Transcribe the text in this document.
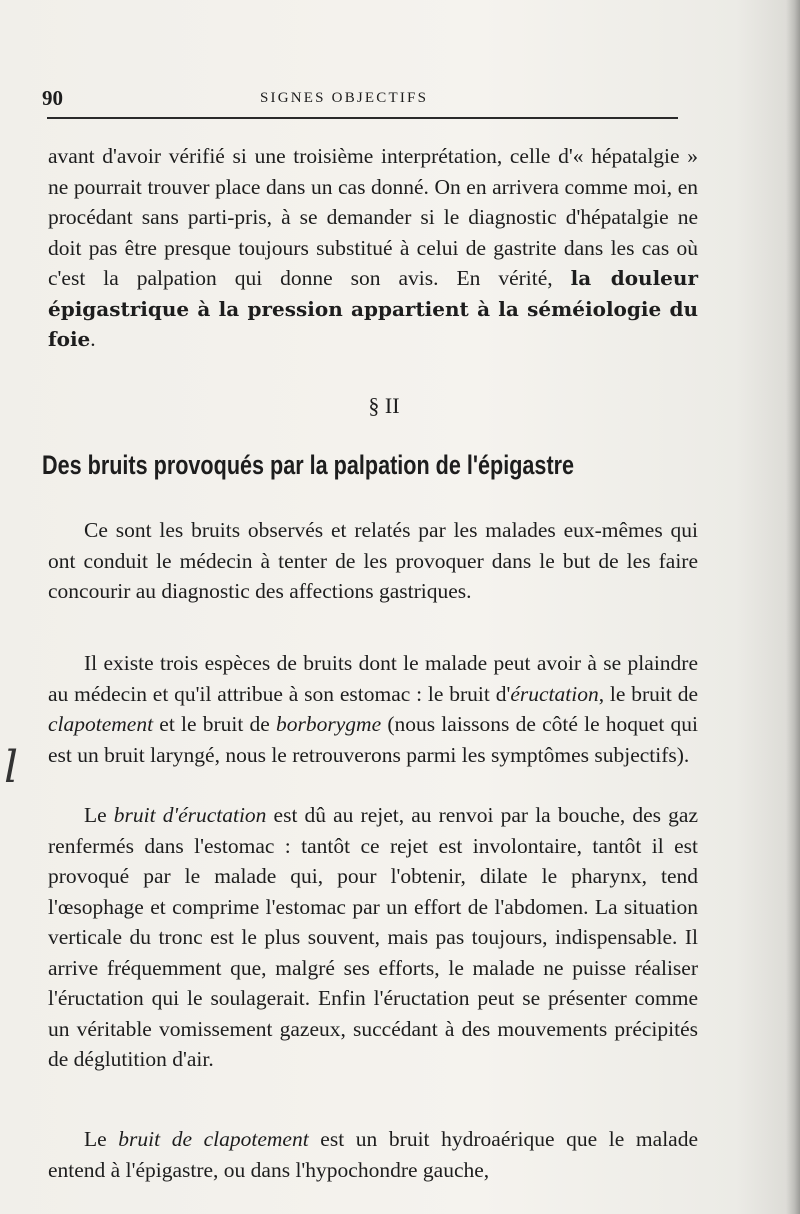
90	SIGNES OBJECTIFS

avant d'avoir vérifié si une troisième interprétation, celle d'« hépatalgie » ne pourrait trouver place dans un cas donné. On en arrivera comme moi, en procédant sans parti-pris, à se demander si le diagnostic d'hépatalgie ne doit pas être presque toujours substitué à celui de gastrite dans les cas où c'est la palpation qui donne son avis. En vérité, la douleur épigastrique à la pression appartient à la séméiologie du foie.

§ II
Des bruits provoqués par la palpation de l'épigastre

Ce sont les bruits observés et relatés par les malades eux-mêmes qui ont conduit le médecin à tenter de les provoquer dans le but de les faire concourir au diagnostic des affections gastriques.

Il existe trois espèces de bruits dont le malade peut avoir à se plaindre au médecin et qu'il attribue à son estomac : le bruit d'éructation, le bruit de clapotement et le bruit de borborygme (nous laissons de côté le hoquet qui est un bruit laryngé, nous le retrouverons parmi les symptômes subjectifs).

l

Le bruit d'éructation est dû au rejet, au renvoi par la bouche, des gaz renfermés dans l'estomac : tantôt ce rejet est involontaire, tantôt il est provoqué par le malade qui, pour l'obtenir, dilate le pharynx, tend l'œsophage et comprime l'estomac par un effort de l'abdomen. La situation verticale du tronc est le plus souvent, mais pas toujours, indispensable. Il arrive fréquemment que, malgré ses efforts, le malade ne puisse réaliser l'éructation qui le soulagerait. Enfin l'éructation peut se présenter comme un véritable vomissement gazeux, succédant à des mouvements précipités de déglutition d'air.

Le bruit de clapotement est un bruit hydroaérique que le malade entend à l'épigastre, ou dans l'hypochondre gauche,
